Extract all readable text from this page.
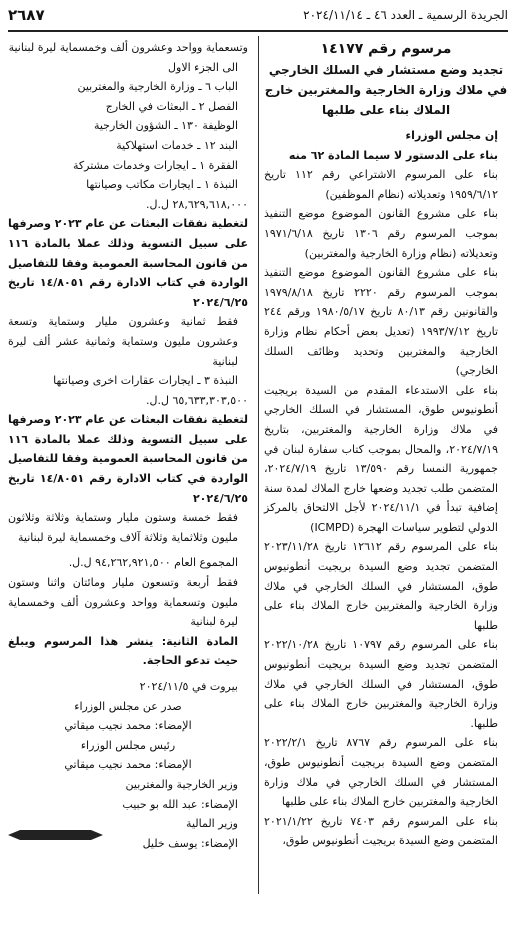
٢٦٨٧	الجريدة الرسمية ـ العدد ٤٦ ـ ٢٠٢٤/١١/١٤

مرسوم رقم ١٤١٧٧

تجديد وضع مستشار في السلك الخارجي في ملاك وزارة الخارجية والمغتربين خارج الملاك بناء على طلبها

إن مجلس الوزراء

بناء على الدستور لا سيما المادة ٦٢ منه

بناء على المرسوم الاشتراعي رقم ١١٢ تاريخ ١٩٥٩/٦/١٢ وتعديلاته (نظام الموظفين)

بناء على مشروع القانون الموضوع موضع التنفيذ بموجب المرسوم رقم ١٣٠٦ تاريخ ١٩٧١/٦/١٨ وتعديلاته (نظام وزارة الخارجية والمغتربين)

بناء على مشروع القانون الموضوع موضع التنفيذ بموجب المرسوم رقم ٢٢٢٠ تاريخ ١٩٧٩/٨/١٨ والقانونين رقم ٨٠/١٣ تاريخ ١٩٨٠/٥/١٧ ورقم ٢٤٤ تاريخ ١٩٩٣/٧/١٢ (تعديل بعض أحكام نظام وزارة الخارجية والمغتربين وتحديد وظائف السلك الخارجي)

بناء على الاستدعاء المقدم من السيدة بريجيت أنطونيوس طوق، المستشار في السلك الخارجي في ملاك وزارة الخارجية والمغتربين، بتاريخ ٢٠٢٤/٧/١٩، والمحال بموجب كتاب سفارة لبنان في جمهورية النمسا رقم ١٣/٥٩٠ تاريخ ٢٠٢٤/٧/١٩، المتضمن طلب تجديد وضعها خارج الملاك لمدة سنة إضافية تبدأ في ٢٠٢٤/١١/١ لأجل الالتحاق بالمركز الدولي لتطوير سياسات الهجرة (ICMPD)

بناء على المرسوم رقم ١٢٦١٢ تاريخ ٢٠٢٣/١١/٢٨ المتضمن تجديد وضع السيدة بريجيت أنطونيوس طوق، المستشار في السلك الخارجي في ملاك وزارة الخارجية والمغتربين خارج الملاك بناء على طلبها

بناء على المرسوم رقم ١٠٧٩٧ تاريخ ٢٠٢٢/١٠/٢٨ المتضمن تجديد وضع السيدة بريجيت أنطونيوس طوق، المستشار في السلك الخارجي في ملاك وزارة الخارجية والمغتربين خارج الملاك بناء على طلبها.

بناء على المرسوم رقم ٨٧٦٧ تاريخ ٢٠٢٢/٢/١ المتضمن وضع السيدة بريجيت أنطونيوس طوق، المستشار في السلك الخارجي في ملاك وزارة الخارجية والمغتربين خارج الملاك بناء على طلبها

بناء على المرسوم رقم ٧٤٠٣ تاريخ ٢٠٢١/١/٢٢ المتضمن وضع السيدة بريجيت أنطونيوس طوق،

وتسعماية وواحد وعشرون ألف وخمسماية ليرة لبنانية

الى الجزء الاول

الباب ٦ ـ وزارة الخارجية والمغتربين

الفصل ٢ ـ البعثات في الخارج

الوظيفة ١٣٠ ـ الشؤون الخارجية

البند ١٢ ـ خدمات استهلاكية

الفقرة ١ ـ ايجارات وخدمات مشتركة

النبذة ١ ـ ايجارات مكاتب وصيانتها

٢٨,٦٢٩,٦١٨,٠٠٠ ل.ل.

لتغطية نفقات البعثات عن عام ٢٠٢٣ وصرفها على سبيل التسوية وذلك عملا بالمادة ١١٦ من قانون المحاسبة العمومية وفقا للتفاصيل الواردة في كتاب الادارة رقم ١٤/٨٠٥١ تاريخ ٢٠٢٤/٦/٢٥

فقط ثمانية وعشرون مليار وستماية وتسعة وعشرون مليون وستماية وثمانية عشر ألف ليرة لبنانية

النبذة ٣ ـ ايجارات عقارات اخرى وصيانتها

٦٥,٦٣٣,٣٠٣,٥٠٠ ل.ل.

لتغطية نفقات البعثات عن عام ٢٠٢٣ وصرفها على سبيل التسوية وذلك عملا بالمادة ١١٦ من قانون المحاسبة العمومية وفقا للتفاصيل الواردة في كتاب الادارة رقم ١٤/٨٠٥١ تاريخ ٢٠٢٤/٦/٢٥

فقط خمسة وستون مليار وستماية وثلاثة وثلاثون مليون وثلاثماية وثلاثة آلاف وخمسماية ليرة لبنانية

المجموع العام ٩٤,٢٦٢,٩٢١,٥٠٠ ل.ل.

فقط أربعة وتسعون مليار ومائتان واثنا وستون مليون وتسعماية وواحد وعشرون ألف وخمسماية ليرة لبنانية

المادة الثانية: ينشر هذا المرسوم ويبلغ حيث تدعو الحاجة.

بيروت في ٢٠٢٤/١١/٥

صدر عن مجلس الوزراء

الإمضاء: محمد نجيب ميقاتي

رئيس مجلس الوزراء

الإمضاء: محمد نجيب ميقاتي

وزير الخارجية والمغتربين

الإمضاء: عبد الله بو حبيب

وزير المالية

الإمضاء: يوسف خليل
